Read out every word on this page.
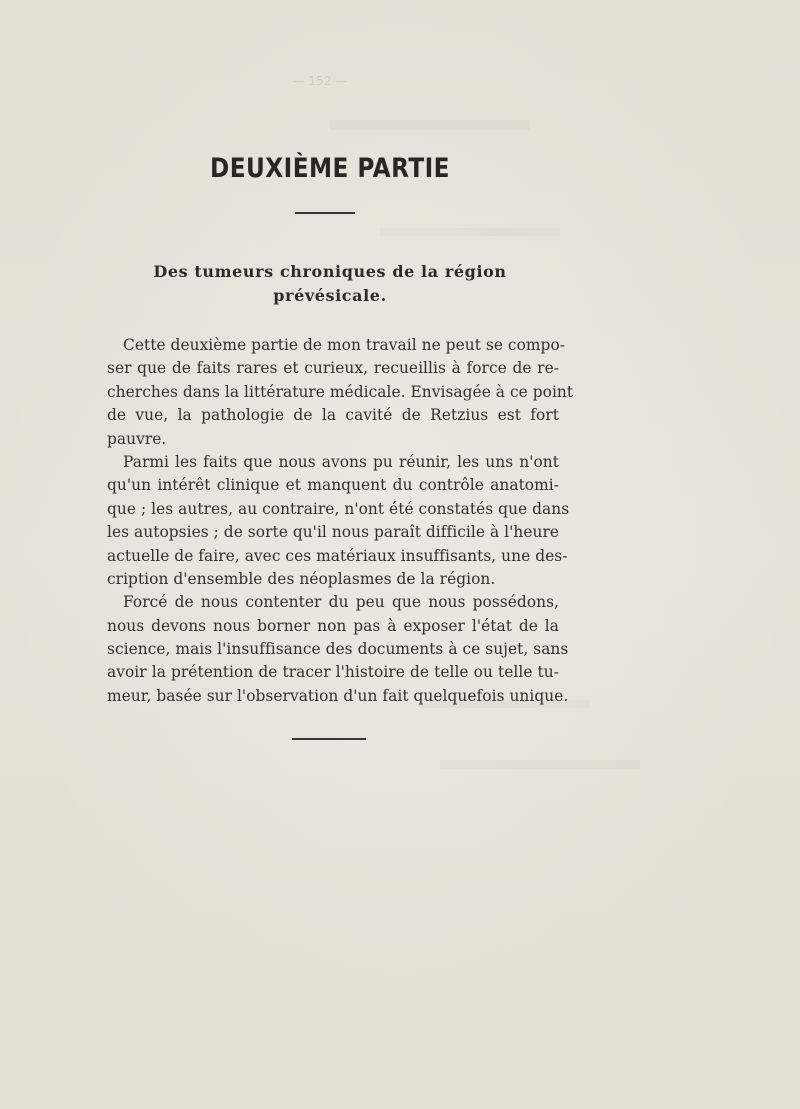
— 152 —
DEUXIÈME PARTIE
Des tumeurs chroniques de la région
prévésicale.
Cette deuxième partie de mon travail ne peut se compo-
ser que de faits rares et curieux, recueillis à force de re-
cherches dans la littérature médicale. Envisagée à ce point
de vue, la pathologie de la cavité de Retzius est fort
pauvre.
Parmi les faits que nous avons pu réunir, les uns n'ont
qu'un intérêt clinique et manquent du contrôle anatomi-
que ; les autres, au contraire, n'ont été constatés que dans
les autopsies ; de sorte qu'il nous paraît difficile à l'heure
actuelle de faire, avec ces matériaux insuffisants, une des-
cription d'ensemble des néoplasmes de la région.
Forcé de nous contenter du peu que nous possédons,
nous devons nous borner non pas à exposer l'état de la
science, mais l'insuffisance des documents à ce sujet, sans
avoir la prétention de tracer l'histoire de telle ou telle tu-
meur, basée sur l'observation d'un fait quelquefois unique.
